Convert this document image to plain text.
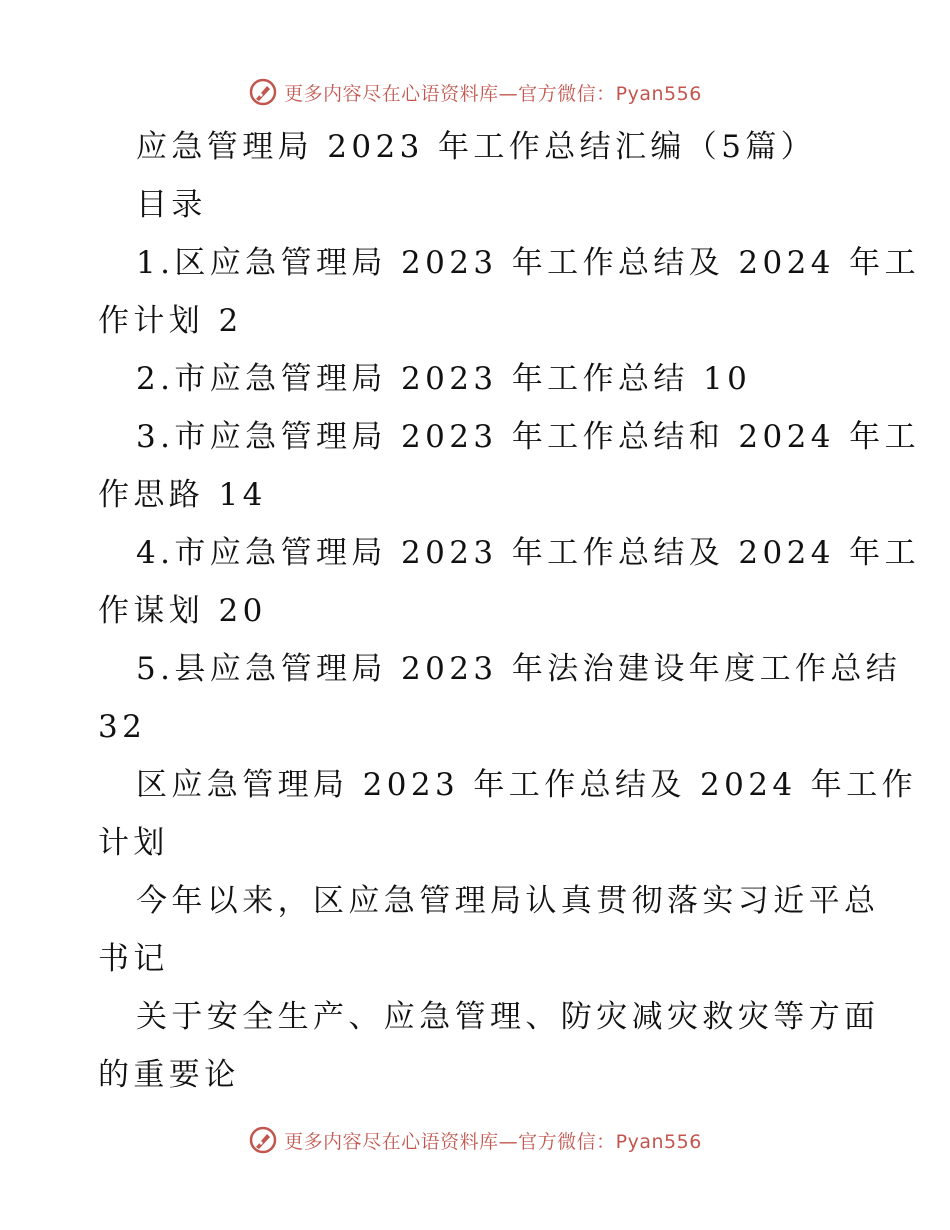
更多内容尽在心语资料库—官方微信：Pyan556
应急管理局 2023 年工作总结汇编（5篇）
目录
1.区应急管理局 2023 年工作总结及 2024 年工
作计划 2
2.市应急管理局 2023 年工作总结 10
3.市应急管理局 2023 年工作总结和 2024 年工
作思路 14
4.市应急管理局 2023 年工作总结及 2024 年工
作谋划 20
5.县应急管理局 2023 年法治建设年度工作总结
32
区应急管理局 2023 年工作总结及 2024 年工作
计划
今年以来，区应急管理局认真贯彻落实习近平总
书记
关于安全生产、应急管理、防灾减灾救灾等方面
的重要论
更多内容尽在心语资料库—官方微信：Pyan556
